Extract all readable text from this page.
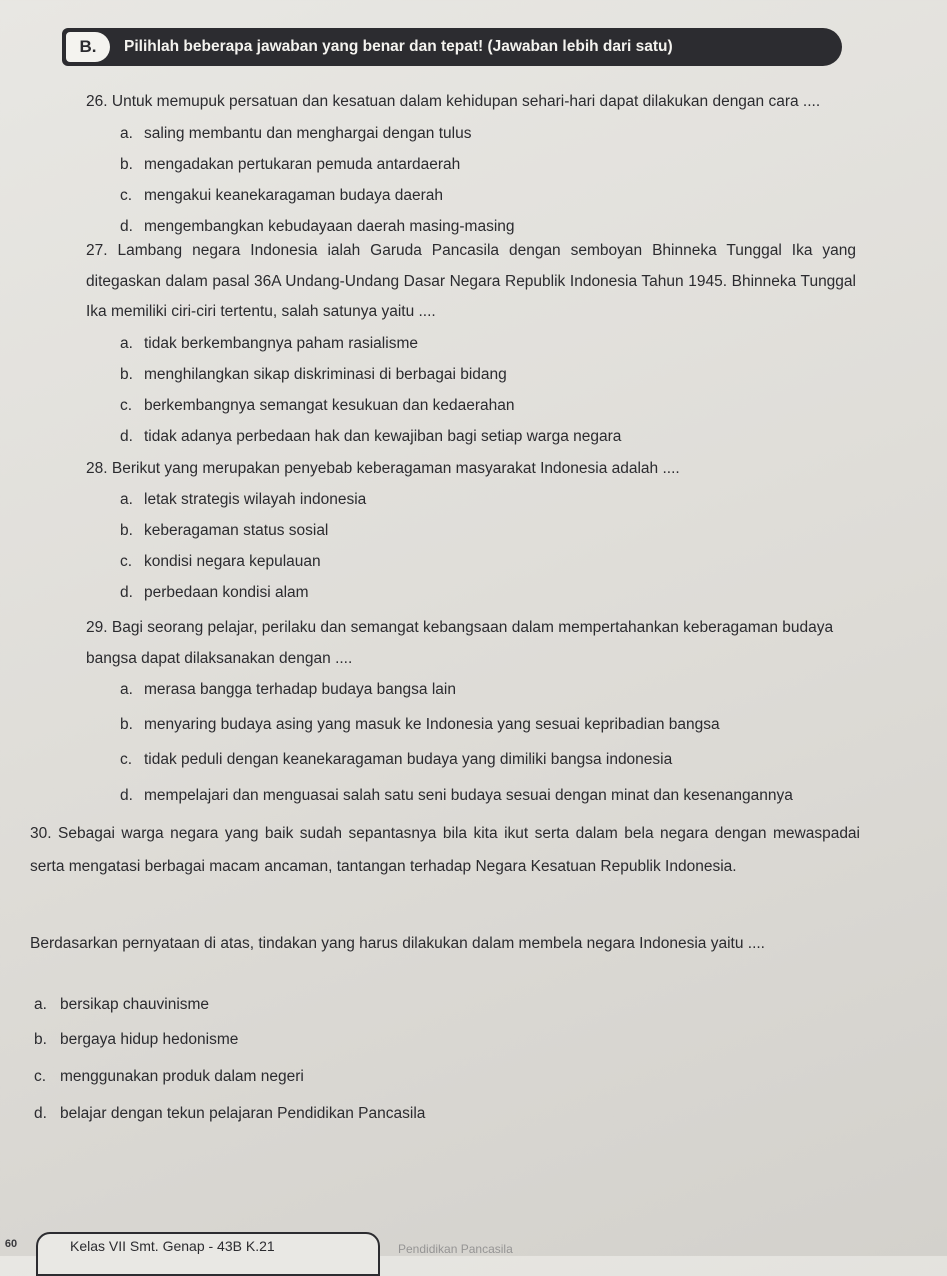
B.	Pilihlah beberapa jawaban yang benar dan tepat! (Jawaban lebih dari satu)

26. Untuk memupuk persatuan dan kesatuan dalam kehidupan sehari-hari dapat dilakukan dengan cara ....

a. saling membantu dan menghargai dengan tulus
b. mengadakan pertukaran pemuda antardaerah
c. mengakui keanekaragaman budaya daerah
d. mengembangkan kebudayaan daerah masing-masing

27. Lambang negara Indonesia ialah Garuda Pancasila dengan semboyan Bhinneka Tunggal Ika yang ditegaskan dalam pasal 36A Undang-Undang Dasar Negara Republik Indonesia Tahun 1945. Bhinneka Tunggal Ika memiliki ciri-ciri tertentu, salah satunya yaitu ....

a. tidak berkembangnya paham rasialisme
b. menghilangkan sikap diskriminasi di berbagai bidang
c. berkembangnya semangat kesukuan dan kedaerahan
d. tidak adanya perbedaan hak dan kewajiban bagi setiap warga negara

28. Berikut yang merupakan penyebab keberagaman masyarakat Indonesia adalah ....

a. letak strategis wilayah indonesia
b. keberagaman status sosial
c. kondisi negara kepulauan
d. perbedaan kondisi alam

29. Bagi seorang pelajar, perilaku dan semangat kebangsaan dalam mempertahankan keberagaman budaya bangsa dapat dilaksanakan dengan ....

a. merasa bangga terhadap budaya bangsa lain
b. menyaring budaya asing yang masuk ke Indonesia yang sesuai kepribadian bangsa
c. tidak peduli dengan keanekaragaman budaya yang dimiliki bangsa indonesia
d. mempelajari dan menguasai salah satu seni budaya sesuai dengan minat dan kesenangannya

30. Sebagai warga negara yang baik sudah sepantasnya bila kita ikut serta dalam bela negara dengan mewaspadai serta mengatasi berbagai macam ancaman, tantangan terhadap Negara Kesatuan Republik Indonesia.

Berdasarkan pernyataan di atas, tindakan yang harus dilakukan dalam membela negara Indonesia yaitu ....

a. bersikap chauvinisme
b. bergaya hidup hedonisme
c. menggunakan produk dalam negeri
d. belajar dengan tekun pelajaran Pendidikan Pancasila
60	Kelas VII Smt. Genap - 43B K.21	Pendidikan Pancasila
